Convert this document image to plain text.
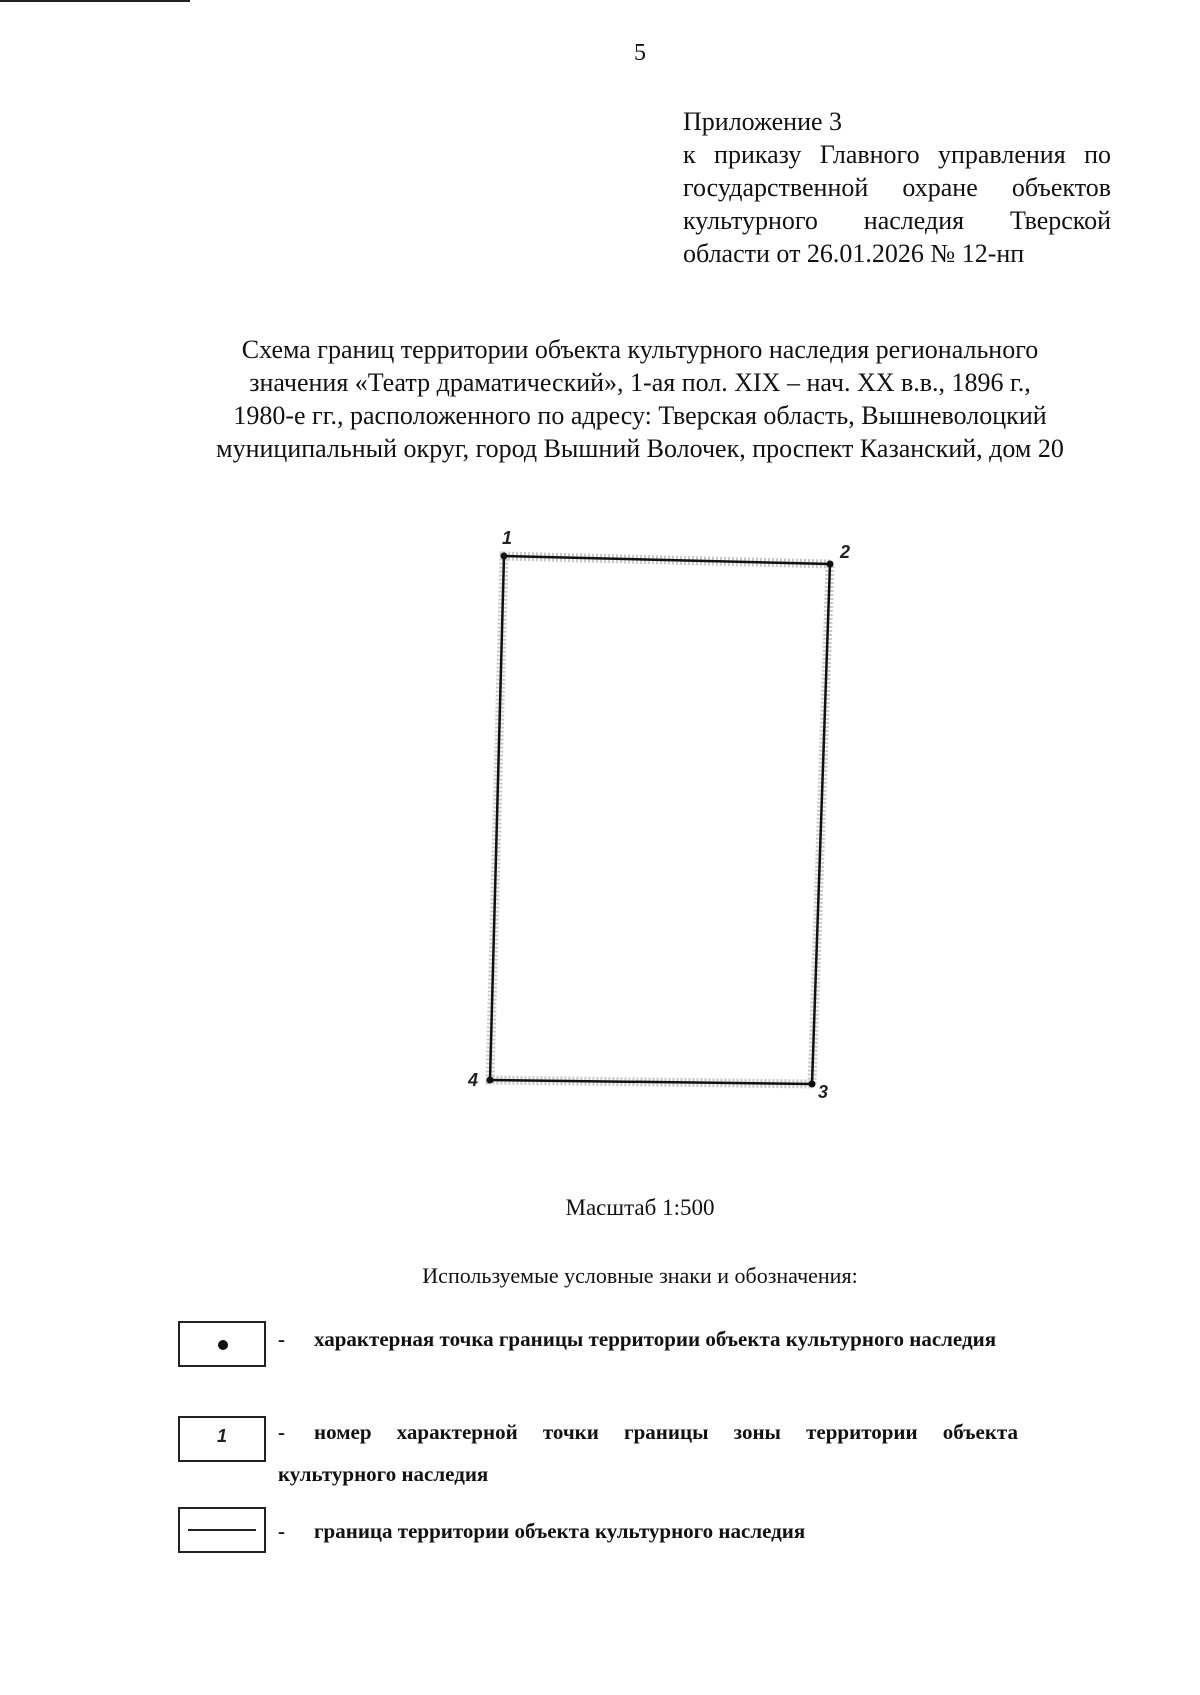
5
Приложение 3
к приказу Главного управления по государственной охране объектов культурного наследия Тверской области от 26.01.2026 № 12-нп
Схема границ территории объекта культурного наследия регионального
значения «Театр драматический», 1-ая пол. XIX – нач. XX в.в., 1896 г.,
1980-е гг., расположенного по адресу: Тверская область, Вышневолоцкий
муниципальный округ, город Вышний Волочек, проспект Казанский, дом 20
1
2
3
4
Масштаб 1:500
Используемые условные знаки и обозначения:
- характерная точка границы территории объекта культурного наследия
1	- номер характерной точки границы зоны территории объекта культурного наследия
- граница территории объекта культурного наследия
